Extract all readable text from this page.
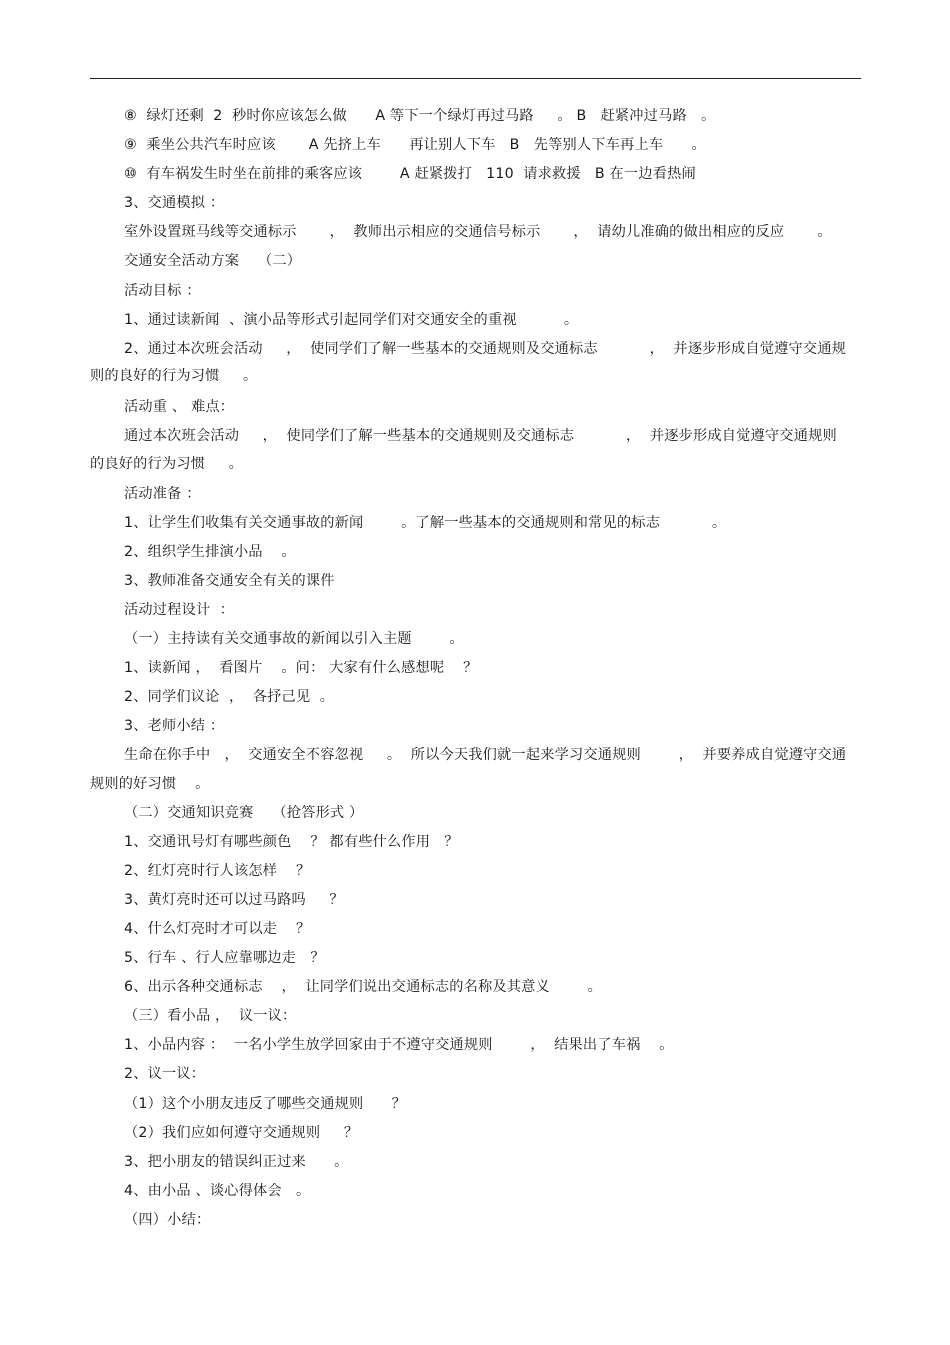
⑧  绿灯还剩  2  秒时你应该怎么做      A 等下一个绿灯再过马路     。 B   赶紧冲过马路   。
⑨  乘坐公共汽车时应该       A 先挤上车      再让别人下车   B   先等别人下车再上车      。
⑩  有车祸发生时坐在前排的乘客应该        A 赶紧拨打   110  请求救援   B 在一边看热闹
3、交通模拟 ：
室外设置斑马线等交通标示       ，  教师出示相应的交通信号标示       ，  请幼儿准确的做出相应的反应       。
交通安全活动方案    （二）
活动目标 ：
1、通过读新闻  、演小品等形式引起同学们对交通安全的重视          。
2、通过本次班会活动     ，  使同学们了解一些基本的交通规则及交通标志           ，  并逐步形成自觉遵守交通规
则的良好的行为习惯     。
活动重 、 难点：
通过本次班会活动     ，  使同学们了解一些基本的交通规则及交通标志           ，  并逐步形成自觉遵守交通规则
的良好的行为习惯     。
活动准备 ：
1、让学生们收集有关交通事故的新闻        。了解一些基本的交通规则和常见的标志           。
2、组织学生排演小品    。
3、教师准备交通安全有关的课件
活动过程设计  ：
（一）主持读有关交通事故的新闻以引入主题        。
1、读新闻 ，  看图片    。问： 大家有什么感想呢    ？
2、同学们议论  ，  各抒己见  。
3、老师小结 ：
生命在你手中   ，  交通安全不容忽视     。  所以今天我们就一起来学习交通规则        ，  并要养成自觉遵守交通
规则的好习惯    。
（二）交通知识竞赛    （抢答形式 ）
1、交通讯号灯有哪些颜色    ？ 都有些什么作用   ？
2、红灯亮时行人该怎样    ？
3、黄灯亮时还可以过马路吗     ？
4、什么灯亮时才可以走    ？
5、行车 、行人应靠哪边走   ？
6、出示各种交通标志    ，  让同学们说出交通标志的名称及其意义        。
（三）看小品 ，  议一议：
1、小品内容 ：  一名小学生放学回家由于不遵守交通规则        ，  结果出了车祸    。
2、议一议：
（1）这个小朋友违反了哪些交通规则      ？
（2）我们应如何遵守交通规则     ？
3、把小朋友的错误纠正过来      。
4、由小品 、谈心得体会   。
（四）小结：
